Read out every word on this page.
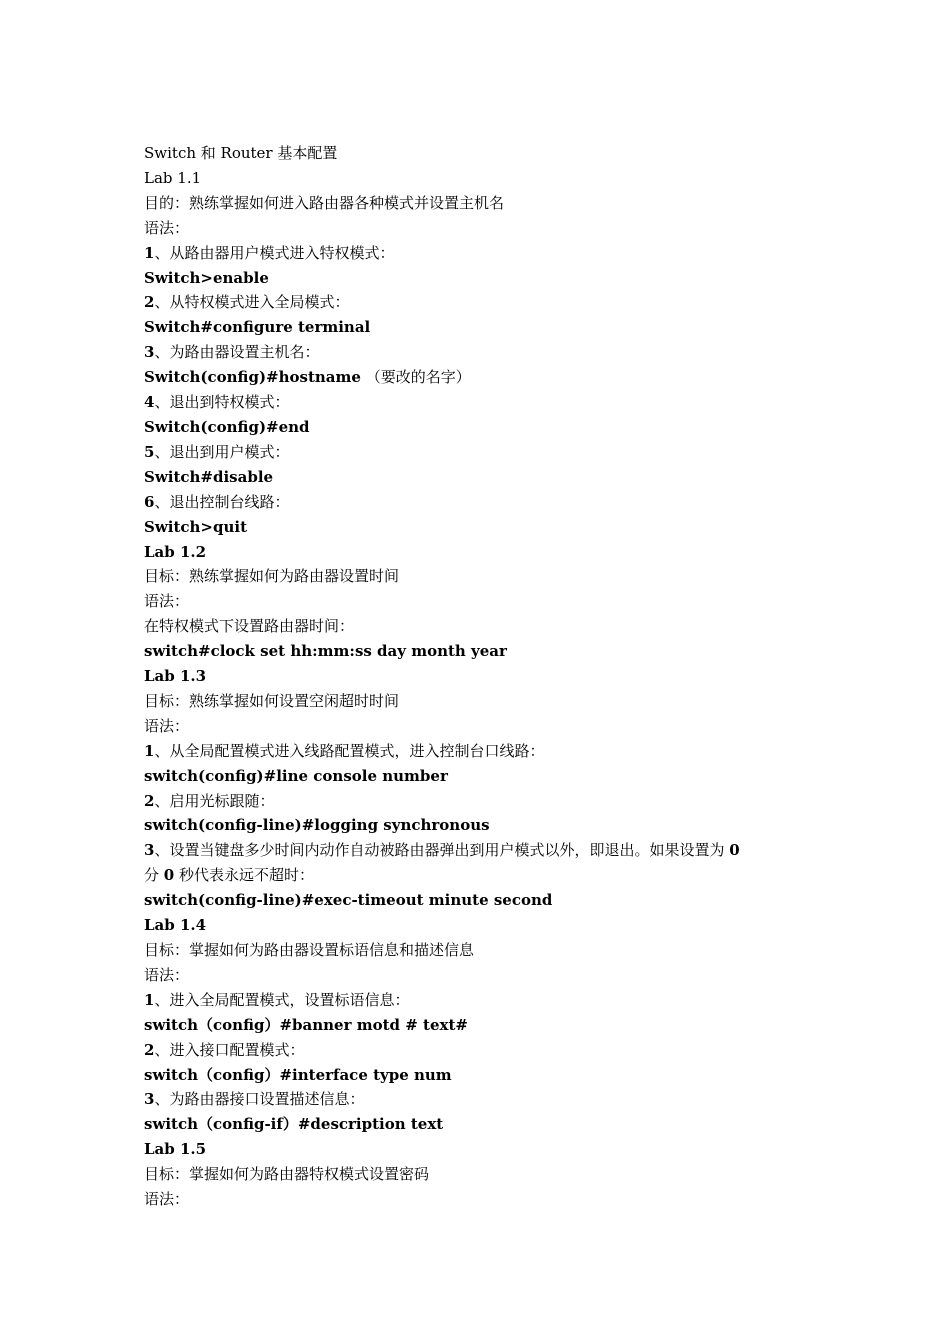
Switch 和 Router 基本配置
Lab 1.1
目的：熟练掌握如何进入路由器各种模式并设置主机名
语法：
1、从路由器用户模式进入特权模式：
Switch>enable
2、从特权模式进入全局模式：
Switch#configure terminal
3、为路由器设置主机名：
Switch(config)#hostname （要改的名字）
4、退出到特权模式：
Switch(config)#end
5、退出到用户模式：
Switch#disable
6、退出控制台线路：
Switch>quit
Lab 1.2
目标：熟练掌握如何为路由器设置时间
语法：
在特权模式下设置路由器时间：
switch#clock set hh:mm:ss day month year
Lab 1.3
目标：熟练掌握如何设置空闲超时时间
语法：
1、从全局配置模式进入线路配置模式，进入控制台口线路：
switch(config)#line console number
2、启用光标跟随：
switch(config-line)#logging synchronous
3、设置当键盘多少时间内动作自动被路由器弹出到用户模式以外，即退出。如果设置为 0
分 0 秒代表永远不超时：
switch(config-line)#exec-timeout minute second
Lab 1.4
目标：掌握如何为路由器设置标语信息和描述信息
语法：
1、进入全局配置模式，设置标语信息：
switch（config）#banner motd # text#
2、进入接口配置模式：
switch（config）#interface type num
3、为路由器接口设置描述信息：
switch（config-if）#description text
Lab 1.5
目标：掌握如何为路由器特权模式设置密码
语法：
